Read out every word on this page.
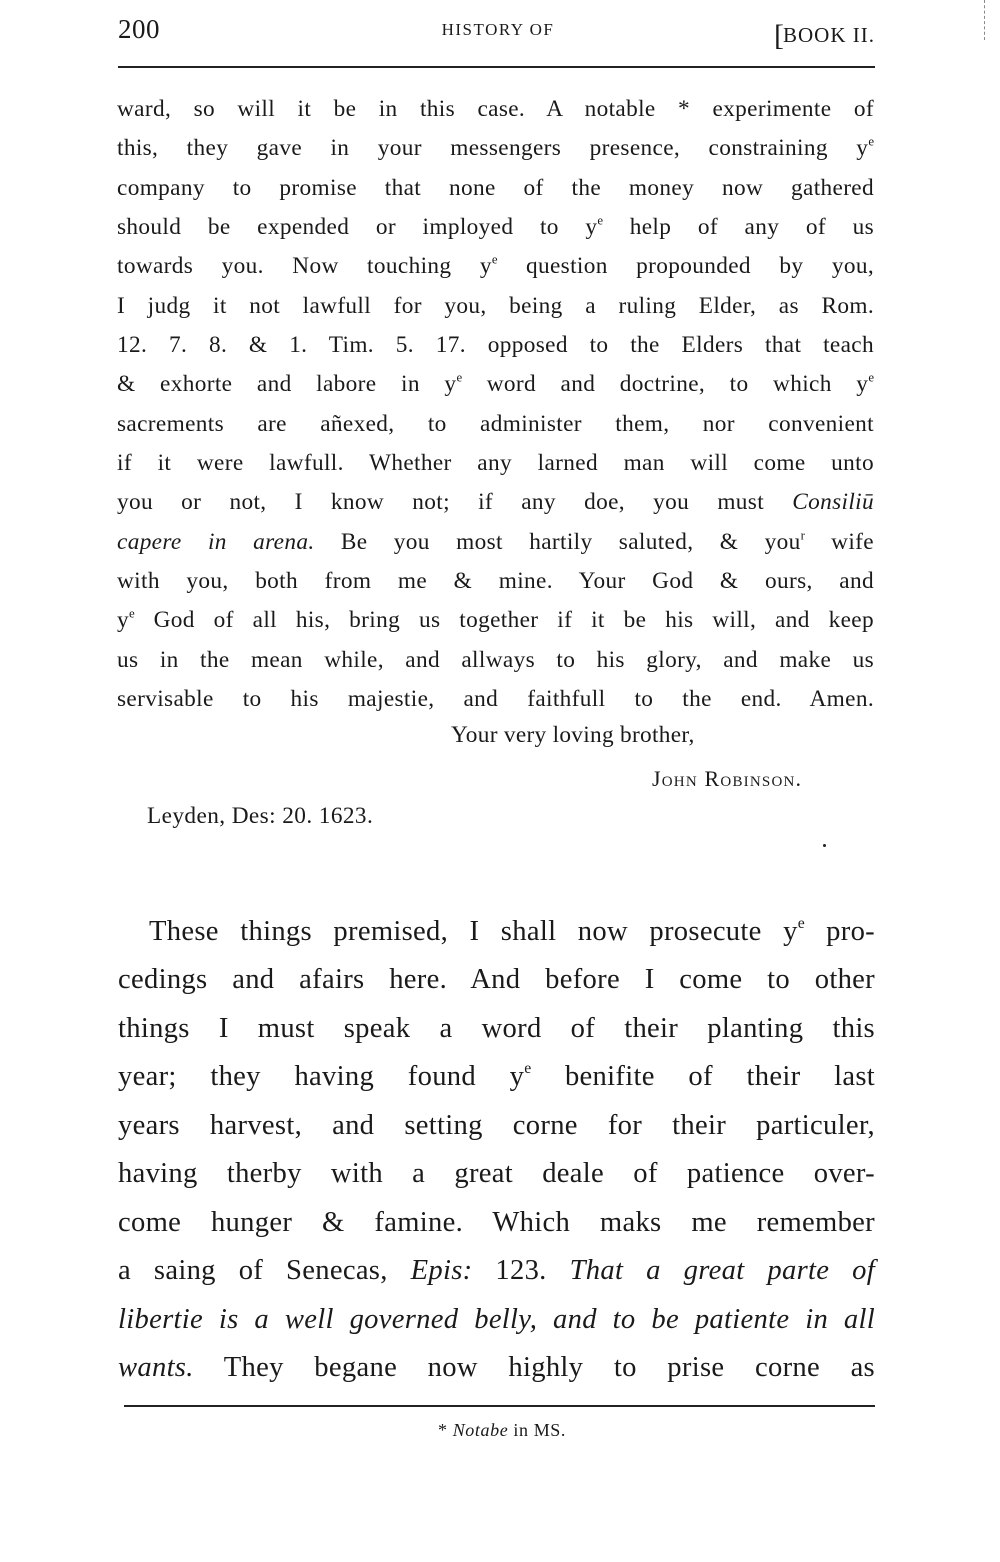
200	HISTORY OF	[BOOK II.
ward, so will it be in this case. A notable * experimente of
this, they gave in your messengers presence, constraining $y^e$
company to promise that none of the money now gathered
should be expended or imployed to $y^e$ help of any of us
towards you. Now touching $y^e$ question propounded by you,
I judg it not lawfull for you, being a ruling Elder, as Rom.
12. 7. 8. & 1. Tim. 5. 17. opposed to the Elders that teach
& exhorte and labore in $y^e$ word and doctrine, to which $y^e$
sacrements are añexed, to administer them, nor convenient
if it were lawfull. Whether any larned man will come unto
you or not, I know not; if any doe, you must Consiliū
capere in arena. Be you most hartily saluted, & you$^r$ wife
with you, both from me & mine. Your God & ours, and
$y^e$ God of all his, bring us together if it be his will, and keep
us in the mean while, and allways to his glory, and make us
servisable to his majestie, and faithfull to the end. Amen.
Your very loving brother,
John Robinson.
Leyden, Des: 20. 1623.
These things premised, I shall now prosecute $y^e$ pro-
cedings and afairs here. And before I come to other
things I must speak a word of their planting this
year; they having found $y^e$ benifite of their last
years harvest, and setting corne for their particuler,
having therby with a great deale of patience over-
come hunger & famine. Which maks me remember
a saing of Senecas, Epis: 123. That a great parte of
libertie is a well governed belly, and to be patiente in all
wants. They begane now highly to prise corne as
* Notabe in MS.
